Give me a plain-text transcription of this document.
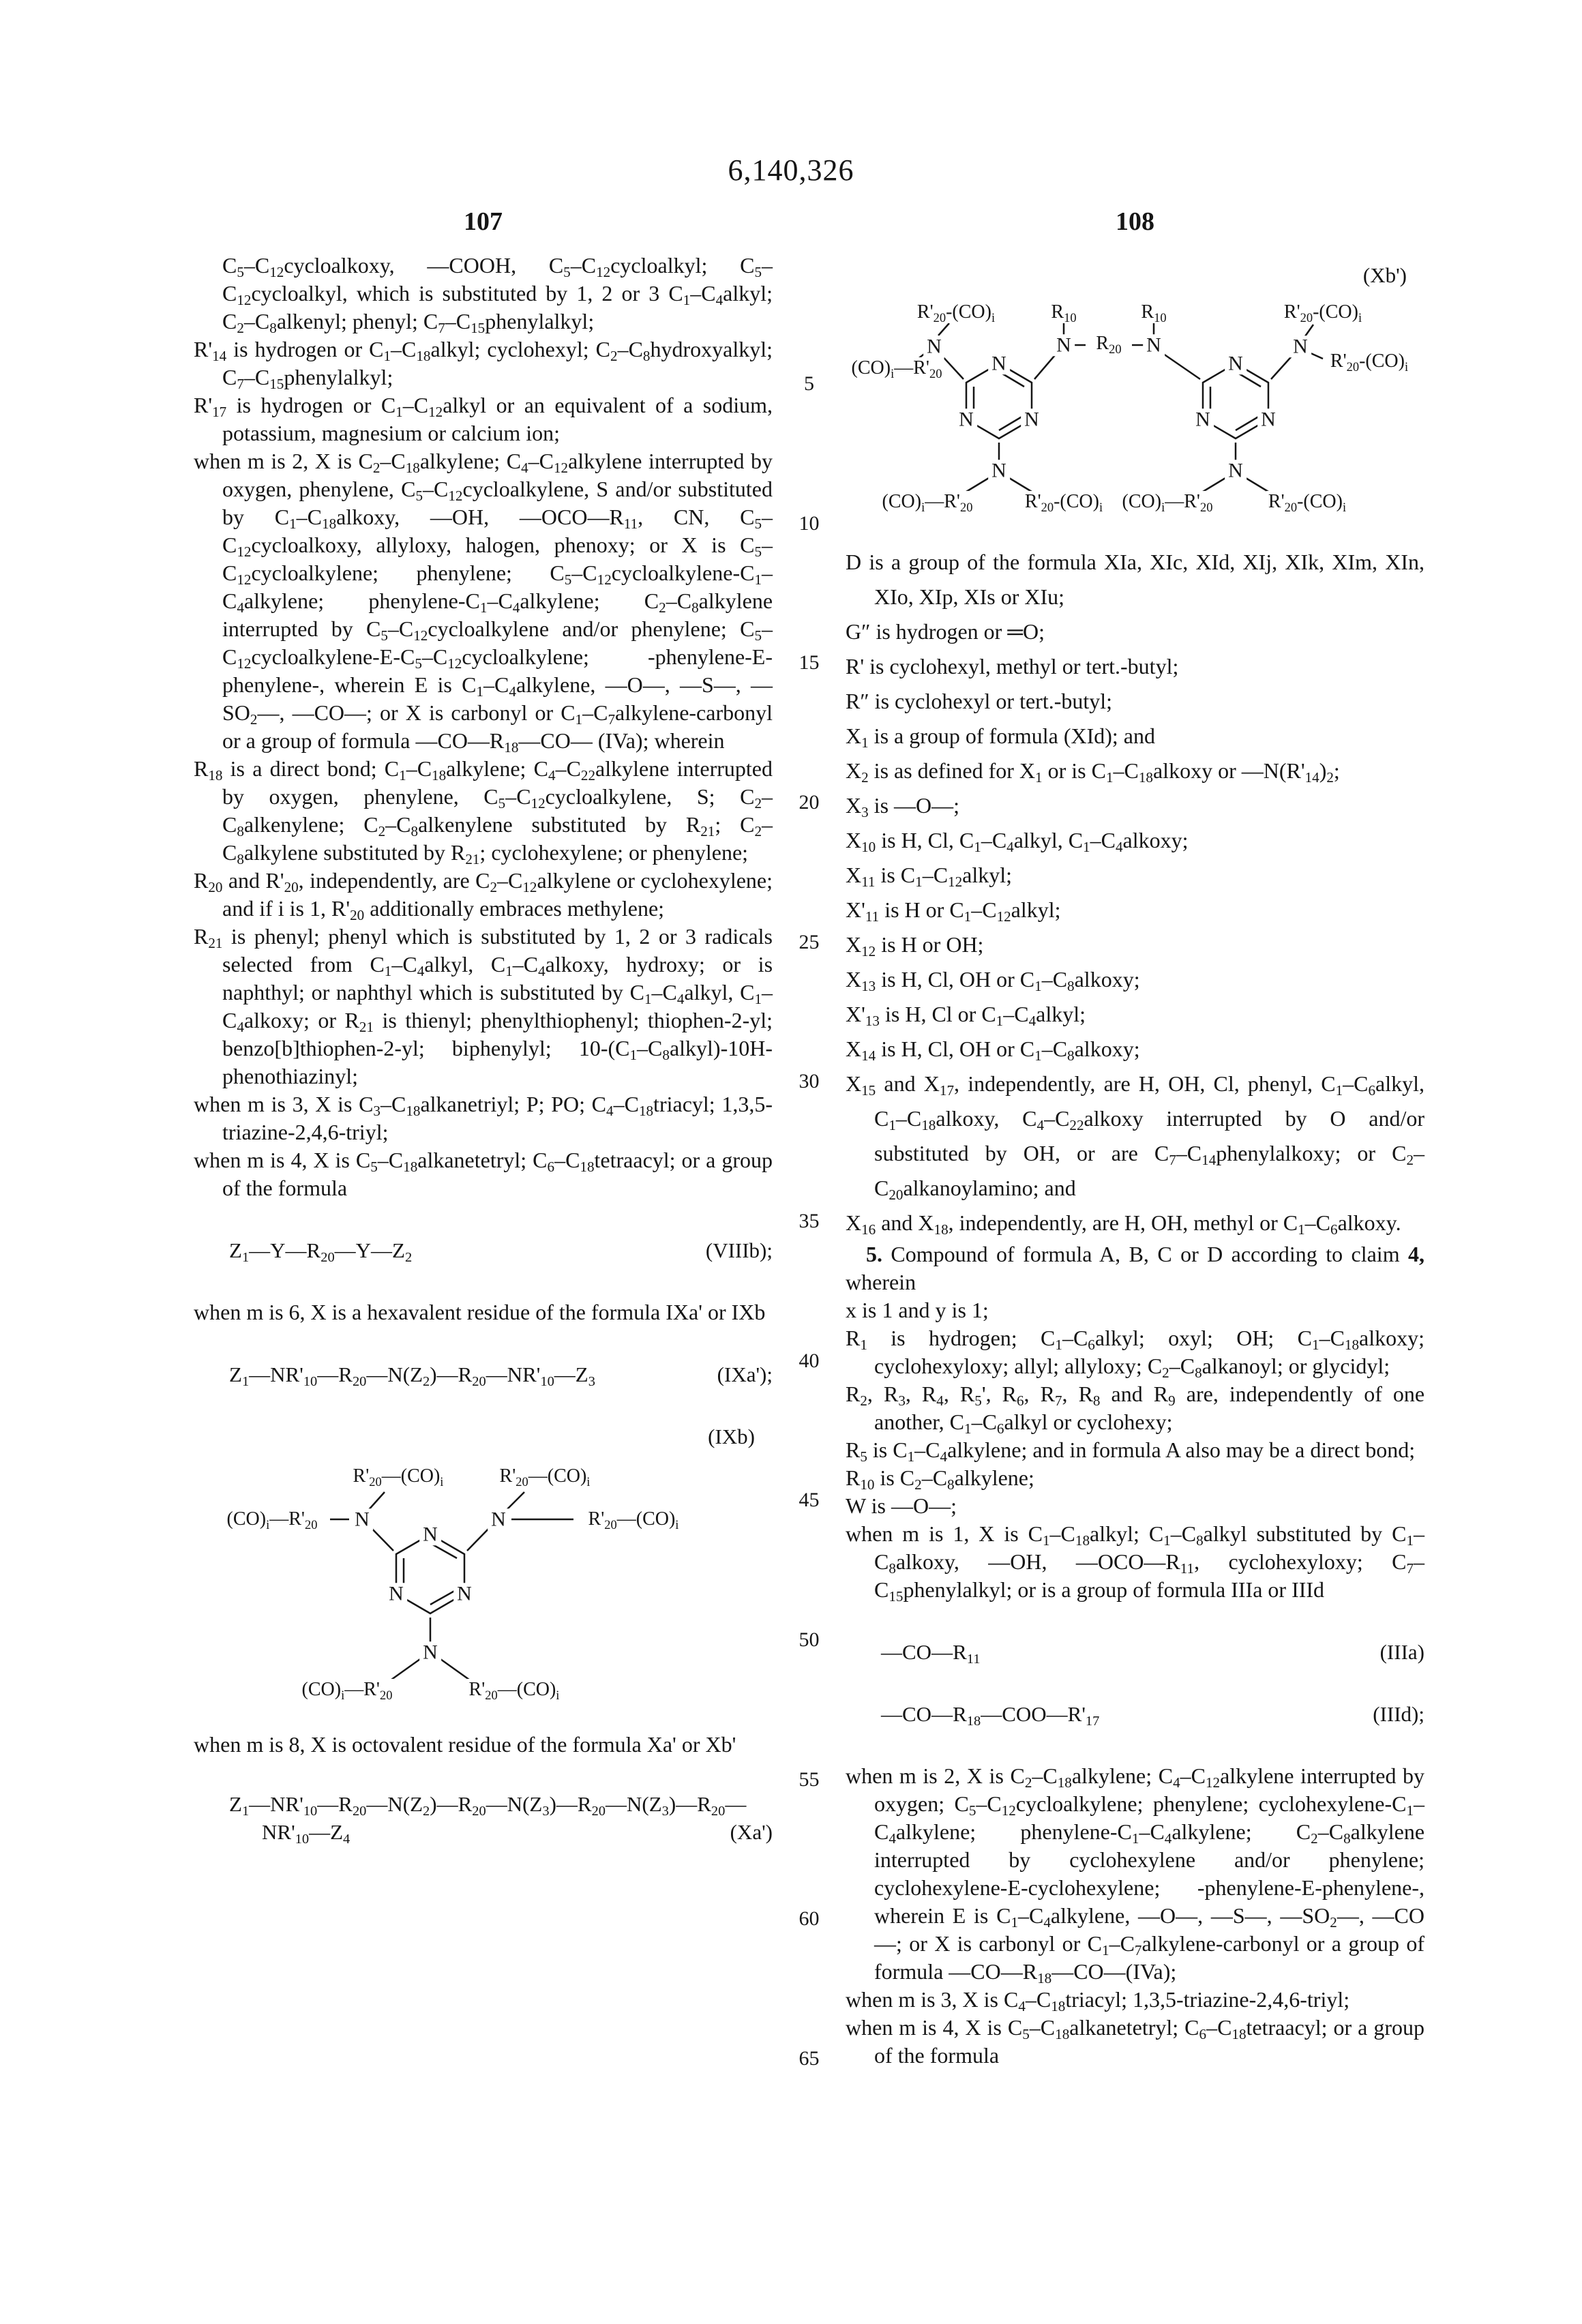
6,140,326
107	108

$C_5-C_{12}cycloalkoxy$, —COOH, $C_5-C_{12}cycloalkyl$; $C_5-C_{12}cycloalkyl$, which is substituted by 1, 2 or 3 $C_1-C_4alkyl$; $C_2-C_8alkenyl$; phenyl; $C_7-C_{15}phenylalkyl$;

$R'_{14}$ is hydrogen or $C_1-C_{18}alkyl$; cyclohexyl; $C_2-C_8hydroxyalkyl$; $C_7-C_{15}phenylalkyl$;

$R'_{17}$ is hydrogen or $C_1-C_{12}alkyl$ or an equivalent of a sodium, potassium, magnesium or calcium ion;

when m is 2, X is $C_2-C_{18}alkylene$; $C_4-C_{12}alkylene$ interrupted by oxygen, phenylene, $C_5-C_{12}cycloalkylene$, S and/or substituted by $C_1-C_{18}alkoxy$, —OH, $—OCO—R_{11}$, CN, $C_5-C_{12}cycloalkoxy$, allyloxy, halogen, phenoxy; or X is $C_5-C_{12}cycloalkylene$; phenylene; $C_5-C_{12}cycloalkylene-C_1-C_4alkylene$; phenylene-$C_1-C_4alkylene$; $C_2-C_8alkylene$ interrupted by $C_5-C_{12}cycloalkylene$ and/or phenylene; $C_5-C_{12}cycloalkylene-E-C_5-C_{12}cycloalkylene$; -phenylene-E-phenylene-, wherein E is $C_1-C_4alkylene$, —O—, —S—, $—SO_2—$, —CO—; or X is carbonyl or $C_1-C_7alkylene$-carbonyl or a group of formula $—CO—R_{18}—CO—$ (IVa); wherein

$R_{18}$ is a direct bond; $C_1-C_{18}alkylene$; $C_4-C_{22}alkylene$ interrupted by oxygen, phenylene, $C_5-C_{12}cycloalkylene$, S; $C_2-C_8alkenylene$; $C_2-C_8alkenylene$ substituted by $R_{21}$; $C_2-C_8alkylene$ substituted by $R_{21}$; cyclohexylene; or phenylene;

$R_{20}$ and $R'_{20}$, independently, are $C_2-C_{12}alkylene$ or cyclohexylene; and if i is 1, $R'_{20}$ additionally embraces methylene;

$R_{21}$ is phenyl; phenyl which is substituted by 1, 2 or 3 radicals selected from $C_1-C_4alkyl$, $C_1-C_4alkoxy$, hydroxy; or is naphthyl; or naphthyl which is substituted by $C_1-C_4alkyl$, $C_1-C_4alkoxy$; or $R_{21}$ is thienyl; phenylthiophenyl; thiophen-2-yl; benzo[b]thiophen-2-yl; biphenylyl; $10-(C_1-C_8alkyl)-10H$-phenothiazinyl;

when m is 3, X is $C_3-C_{18}alkanetriyl$; P; PO; $C_4-C_{18}triacyl$; 1,3,5-triazine-2,4,6-triyl;

when m is 4, X is $C_5-C_{18}alkanetetryl$; $C_6-C_{18}tetraacyl$; or a group of the formula

$Z_1—Y—R_{20}—Y—Z_2$	(VIIIb);

when m is 6, X is a hexavalent residue of the formula IXa' or IXb

$Z_1—NR'_{10}—R_{20}—N(Z_2)—R_{20}—NR'_{10}—Z_3$	(IXa');
(IXb)
N
N
N
N	N
N
$R'_{20}—(CO)_i$
$(CO)_i—R'_{20}$
$R'_{20}—(CO)_i$
$R'_{20}—(CO)_i$
$(CO)_i—R'_{20}$	$R'_{20}—(CO)_i$

when m is 8, X is octovalent residue of the formula Xa' or Xb'

$Z_1—NR'_{10}—R_{20}—N(Z_2)—R_{20}—N(Z_3)—R_{20}—N(Z_3)—R_{20}—$
$NR'_{10}—Z_4$	(Xa')
5
10
15
20
25
30
35
40
45
50
55
60
65
(Xb')
N
N
N
N
N
N
N	N	N	N
N	N
$R'_{20}-(CO)_i$
$(CO)_i—R'_{20}$
$R_{10}$
$R_{20}$
$R_{10}$	$R'_{20}-(CO)_i$
$R'_{20}-(CO)_i$
$(CO)_i—R'_{20}$	$R'_{20}-(CO)_i$ $(CO)_i—R'_{20}$	$R'_{20}-(CO)_i$

D is a group of the formula XIa, XIc, XId, XIj, XIk, XIm, XIn, XIo, XIp, XIs or XIu;

G″ is hydrogen or ═O;

R' is cyclohexyl, methyl or tert.-butyl;

R″ is cyclohexyl or tert.-butyl;

$X_1$ is a group of formula (XId); and

$X_2$ is as defined for $X_1$ or is $C_1-C_{18}alkoxy$ or $—N(R'_{14})_2$;

$X_3$ is —O—;

$X_{10}$ is H, Cl, $C_1-C_4alkyl$, $C_1-C_4alkoxy$;

$X_{11}$ is $C_1-C_{12}alkyl$;

$X'_{11}$ is H or $C_1-C_{12}alkyl$;

$X_{12}$ is H or OH;

$X_{13}$ is H, Cl, OH or $C_1-C_8alkoxy$;

$X'_{13}$ is H, Cl or $C_1-C_4alkyl$;

$X_{14}$ is H, Cl, OH or $C_1-C_8alkoxy$;

$X_{15}$ and $X_{17}$, independently, are H, OH, Cl, phenyl, $C_1-C_6alkyl$, $C_1-C_{18}alkoxy$, $C_4-C_{22}alkoxy$ interrupted by O and/or substituted by OH, or are $C_7-C_{14}phenylalkoxy$; or $C_2-C_{20}alkanoylamino$; and

$X_{16}$ and $X_{18}$, independently, are H, OH, methyl or $C_1-C_6alkoxy$.

5. Compound of formula A, B, C or D according to claim 4, wherein

x is 1 and y is 1;

$R_1$ is hydrogen; $C_1-C_6alkyl$; oxyl; OH; $C_1-C_{18}alkoxy$; cyclohexyloxy; allyl; allyloxy; $C_2-C_8alkanoyl$; or glycidyl;

$R_2$, $R_3$, $R_4$, $R_5'$, $R_6$, $R_7$, $R_8$ and $R_9$ are, independently of one another, $C_1-C_6alkyl$ or cyclohexy;

$R_5$ is $C_1-C_4alkylene$; and in formula A also may be a direct bond;

$R_{10}$ is $C_2-C_8alkylene$;

W is —O—;

when m is 1, X is $C_1-C_{18}alkyl$; $C_1-C_8alkyl$ substituted by $C_1-C_8alkoxy$, —OH, $—OCO—R_{11}$, cyclohexyloxy; $C_7-C_{15}phenylalkyl$; or is a group of formula IIIa or IIId

$—CO—R_{11}$	(IIIa)
$—CO—R_{18}—COO—R'_{17}$	(IIId);

when m is 2, X is $C_2-C_{18}alkylene$; $C_4-C_{12}alkylene$ interrupted by oxygen; $C_5-C_{12}cycloalkylene$; phenylene; cyclohexylene-$C_1-C_4alkylene$; phenylene-$C_1-C_4alkylene$; $C_2-C_8alkylene$ interrupted by cyclohexylene and/or phenylene; cyclohexylene-E-cyclohexylene; -phenylene-E-phenylene-, wherein E is $C_1-C_4alkylene$, —O—, —S—, $—SO_2—$, —CO—; or X is carbonyl or $C_1-C_7alkylene$-carbonyl or a group of formula $—CO—R_{18}—CO—(IVa)$;

when m is 3, X is $C_4-C_{18}triacyl$; 1,3,5-triazine-2,4,6-triyl;

when m is 4, X is $C_5-C_{18}alkanetetryl$; $C_6-C_{18}tetraacyl$; or a group of the formula
